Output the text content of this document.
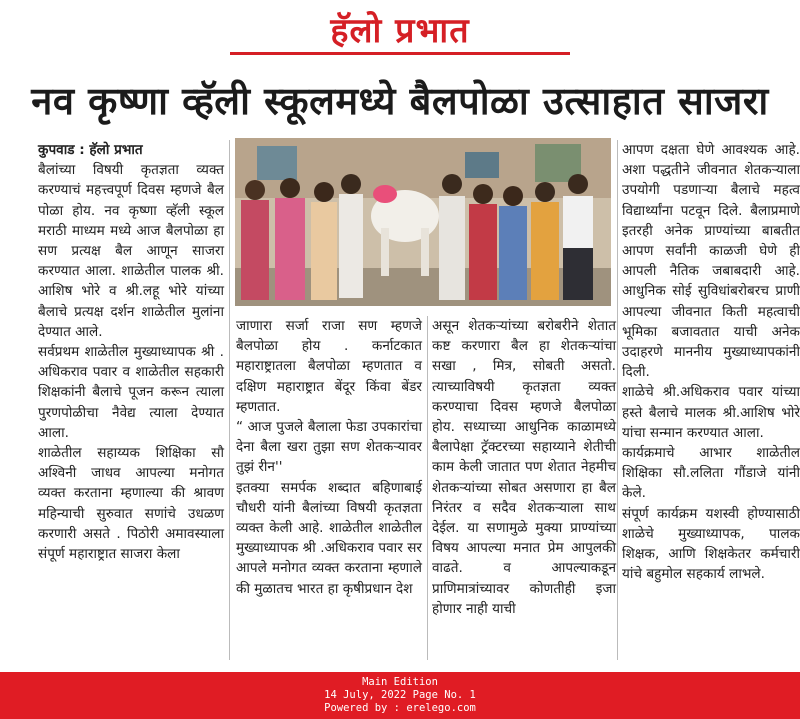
हॅलो प्रभात
नव कृष्णा व्हॅली स्कूलमध्ये बैलपोळा उत्साहात साजरा

कुपवाड : हॅलो प्रभात

बैलांच्या विषयी कृतज्ञता व्यक्त करण्याचं महत्त्वपूर्ण दिवस म्हणजे बैल पोळा होय. नव कृष्णा व्हॅली स्कूल मराठी माध्यम मध्ये आज बैलपोळा हा सण प्रत्यक्ष बैल आणून साजरा करण्यात आला. शाळेतील पालक श्री. आशिष भोरे व श्री.लहू भोरे यांच्या बैलाचे प्रत्यक्ष दर्शन शाळेतील मुलांना देण्यात आले.

सर्वप्रथम शाळेतील मुख्याध्यापक श्री . अधिकराव पवार व शाळेतील सहकारी शिक्षकांनी बैलाचे पूजन करून त्याला पुरणपोळीचा नैवेद्य त्याला देण्यात आला.

शाळेतील सहाय्यक शिक्षिका सौ अश्विनी जाधव आपल्या मनोगत व्यक्त करताना म्हणाल्या की श्रावण महिन्याची सुरुवात सणांचे उधळण करणारी असते . पिठोरी अमावस्याला संपूर्ण महाराष्ट्रात साजरा केला

जाणारा सर्जा राजा सण म्हणजे बैलपोळा होय . कर्नाटकात महाराष्ट्रातला बैलपोळा म्हणतात व दक्षिण महाराष्ट्रात बेंदूर किंवा बेंडर म्हणतात.

“ आज पुजले बैलाला फेडा उपकारांचा देना बैला खरा तुझा सण शेतकऱ्यावर तुझं रीन''

इतक्या समर्पक शब्दात बहिणाबाई चौधरी यांनी बैलांच्या विषयी कृतज्ञता व्यक्त केली आहे. शाळेतील शाळेतील मुख्याध्यापक श्री .अधिकराव पवार सर आपले मनोगत व्यक्त करताना म्हणाले की मुळातच भारत हा कृषीप्रधान देश

असून शेतकऱ्यांच्या बरोबरीने शेतात कष्ट करणारा बैल हा शेतकऱ्यांचा सखा , मित्र, सोबती असतो. त्याच्याविषयी कृतज्ञता व्यक्त करण्याचा दिवस म्हणजे बैलपोळा होय. सध्याच्या आधुनिक काळामध्ये बैलापेक्षा ट्रॅक्टरच्या सहाय्याने शेतीची काम केली जातात पण शेतात नेहमीच शेतकऱ्यांच्या सोबत असणारा हा बैल निरंतर व सदैव शेतकऱ्याला साथ देईल. या सणामुळे मुक्या प्राण्यांच्या विषय आपल्या मनात प्रेम आपुलकी वाढते. व आपल्याकडून प्राणिमात्रांच्यावर कोणतीही इजा होणार नाही याची

आपण दक्षता घेणे आवश्यक आहे. अशा पद्धतीने जीवनात शेतकऱ्याला उपयोगी पडणाऱ्या बैलाचे महत्व विद्यार्थ्यांना पटवून दिले. बैलाप्रमाणे इतरही अनेक प्राण्यांच्या बाबतीत आपण सर्वांनी काळजी घेणे ही आपली नैतिक जबाबदारी आहे. आधुनिक सोई सुविधांबरोबरच प्राणी आपल्या जीवनात किती महत्वाची भूमिका बजावतात याची अनेक उदाहरणे माननीय मुख्याध्यापकांनी दिली.

शाळेचे श्री.अधिकराव पवार यांच्या हस्ते बैलाचे मालक श्री.आशिष भोरे यांचा सन्मान करण्यात आला.

कार्यक्रमाचे आभार शाळेतील शिक्षिका सौ.ललिता गौंडाजे यांनी केले.

संपूर्ण कार्यक्रम यशस्वी होण्यासाठी शाळेचे मुख्याध्यापक, पालक शिक्षक, आणि शिक्षकेतर कर्मचारी यांचे बहुमोल सहकार्य लाभले.

Main Edition
14 July, 2022 Page No. 1
Powered by : erelego.com
